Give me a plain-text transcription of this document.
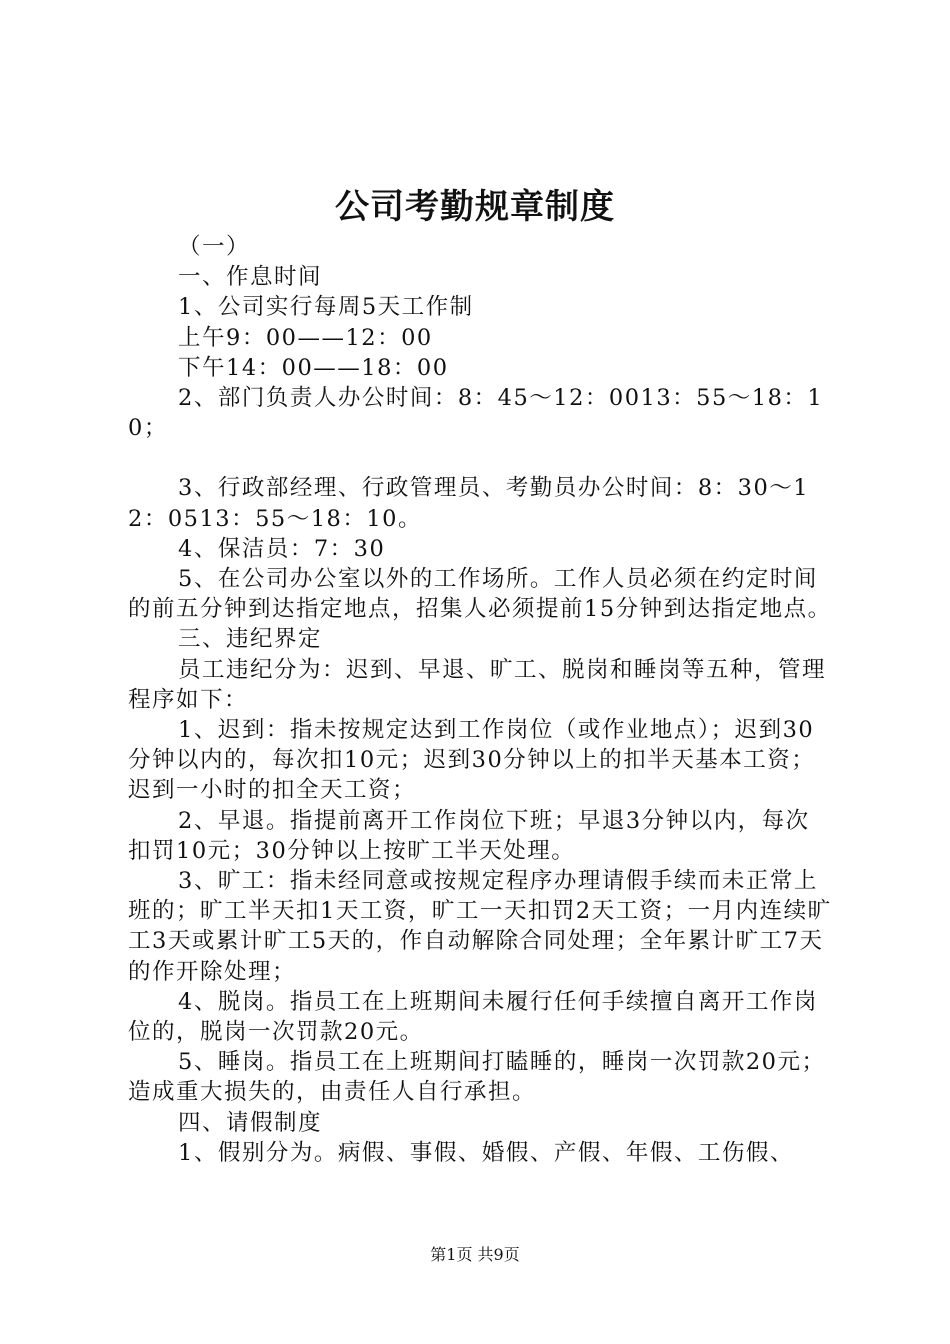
公司考勤规章制度

（一）

一、作息时间

1、公司实行每周5天工作制

上午9：00——12：00

下午14：00——18：00

2、部门负责人办公时间：8：45～12：0013：55～18：10；

3、行政部经理、行政管理员、考勤员办公时间：8：30～12：0513：55～18：10。

4、保洁员：7：30

5、在公司办公室以外的工作场所。工作人员必须在约定时间的前五分钟到达指定地点，招集人必须提前15分钟到达指定地点。

三、违纪界定

员工违纪分为：迟到、早退、旷工、脱岗和睡岗等五种，管理程序如下：

1、迟到：指未按规定达到工作岗位（或作业地点）；迟到30分钟以内的，每次扣10元；迟到30分钟以上的扣半天基本工资；迟到一小时的扣全天工资；

2、早退。指提前离开工作岗位下班；早退3分钟以内，每次扣罚10元；30分钟以上按旷工半天处理。

3、旷工：指未经同意或按规定程序办理请假手续而未正常上班的；旷工半天扣1天工资，旷工一天扣罚2天工资；一月内连续旷工3天或累计旷工5天的，作自动解除合同处理；全年累计旷工7天的作开除处理；

4、脱岗。指员工在上班期间未履行任何手续擅自离开工作岗位的，脱岗一次罚款20元。

5、睡岗。指员工在上班期间打瞌睡的，睡岗一次罚款20元；造成重大损失的，由责任人自行承担。

四、请假制度

1、假别分为。病假、事假、婚假、产假、年假、工伤假、

第1页 共9页
